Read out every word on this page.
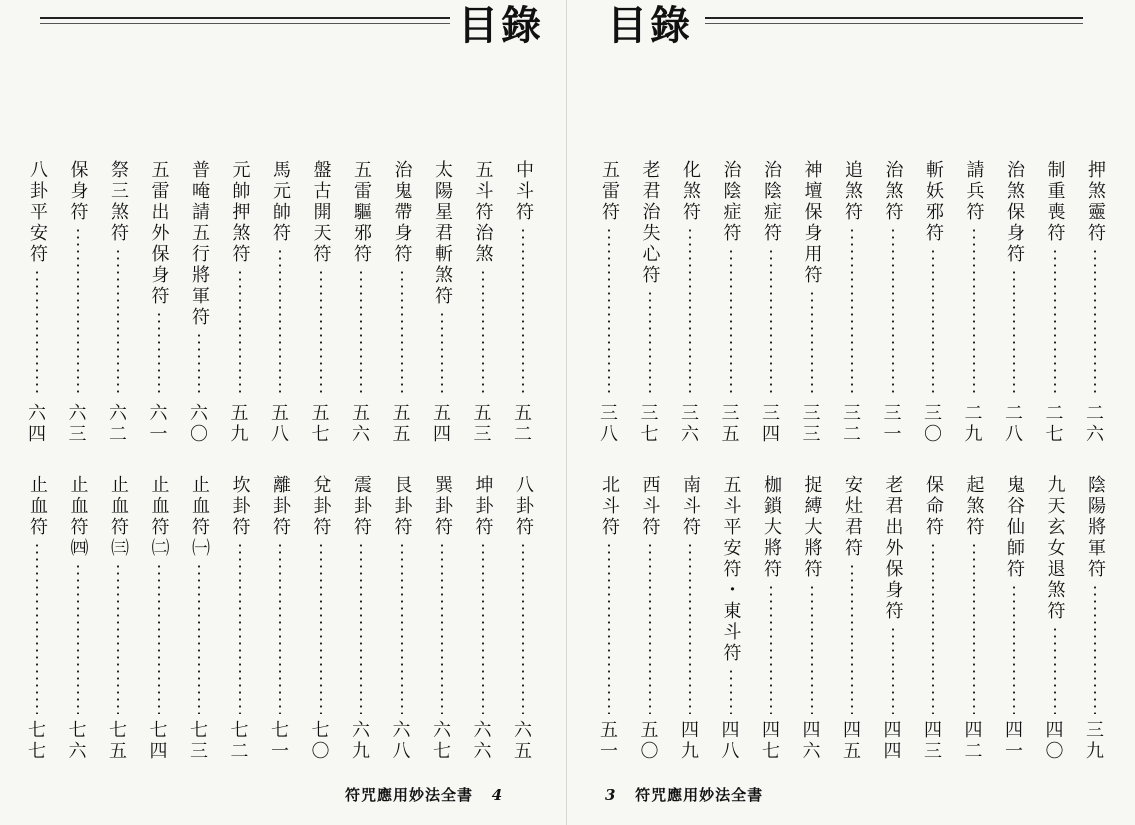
目錄
中斗符
五
二
五斗符治煞
五
三
太陽星君斬煞符
五
四
治鬼帶身符
五
五
五雷驅邪符
五
六
盤古開天符
五
七
馬元帥符
五
八
元帥押煞符
五
九
普唵請五行將軍符
六
〇
五雷出外保身符
六
一
祭三煞符
六
二
保身符
六
三
八卦平安符
六
四
八卦符
六
五
坤卦符
六
六
巽卦符
六
七
艮卦符
六
八
震卦符
六
九
兌卦符
七
〇
離卦符
七
一
坎卦符
七
二
止血符㈠
七
三
止血符㈡
七
四
止血符㈢
七
五
止血符㈣
七
六
止血符
七
七
符咒應用妙法全書 4
目錄
押煞靈符
二
六
制重喪符
二
七
治煞保身符
二
八
請兵符
二
九
斬妖邪符
三
〇
治煞符
三
一
追煞符
三
二
神壇保身用符
三
三
治陰症符
三
四
治陰症符
三
五
化煞符
三
六
老君治失心符
三
七
五雷符
三
八
陰陽將軍符
三
九
九天玄女退煞符
四
〇
鬼谷仙師符
四
一
起煞符
四
二
保命符
四
三
老君出外保身符
四
四
安灶君符
四
五
捉縛大將符
四
六
枷鎖大將符
四
七
五斗平安符・東斗符
四
八
南斗符
四
九
西斗符
五
〇
北斗符
五
一
3 符咒應用妙法全書
